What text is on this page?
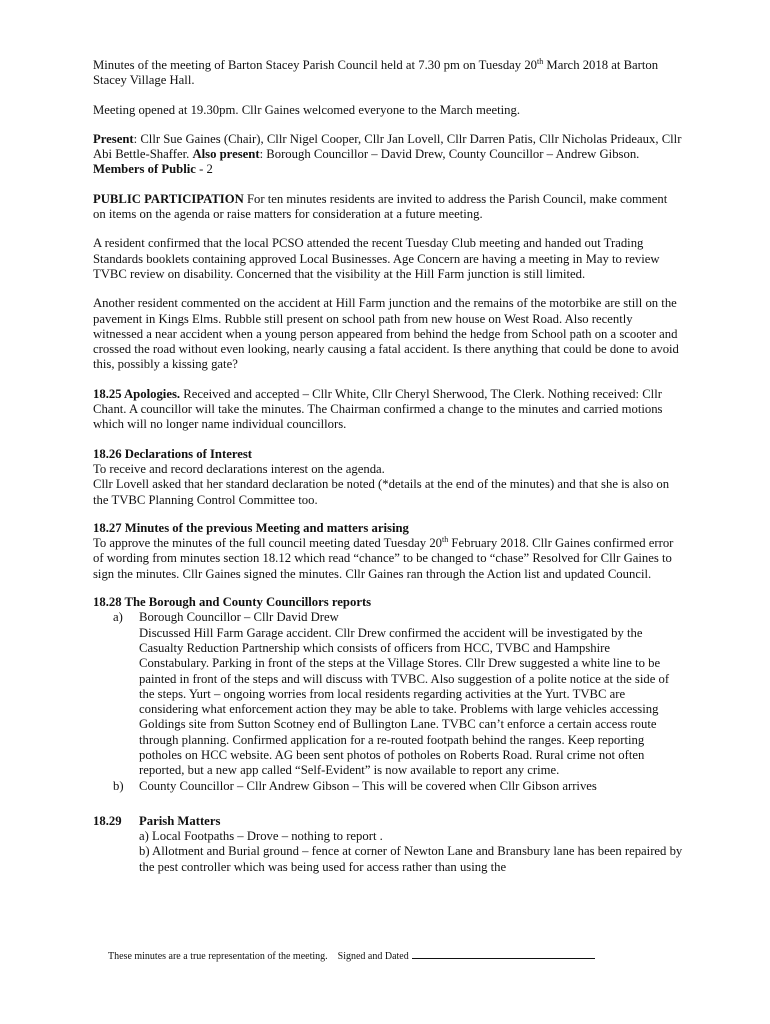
Minutes of the meeting of Barton Stacey Parish Council held at 7.30 pm on Tuesday 20th March 2018 at Barton Stacey Village Hall.

Meeting opened at 19.30pm. Cllr Gaines welcomed everyone to the March meeting.

Present: Cllr Sue Gaines (Chair), Cllr Nigel Cooper, Cllr Jan Lovell, Cllr Darren Patis, Cllr Nicholas Prideaux, Cllr Abi Bettle-Shaffer. Also present: Borough Councillor – David Drew, County Councillor – Andrew Gibson. Members of Public - 2

PUBLIC PARTICIPATION For ten minutes residents are invited to address the Parish Council, make comment on items on the agenda or raise matters for consideration at a future meeting.

A resident confirmed that the local PCSO attended the recent Tuesday Club meeting and handed out Trading Standards booklets containing approved Local Businesses. Age Concern are having a meeting in May to review TVBC review on disability. Concerned that the visibility at the Hill Farm junction is still limited.

Another resident commented on the accident at Hill Farm junction and the remains of the motorbike are still on the pavement in Kings Elms. Rubble still present on school path from new house on West Road. Also recently witnessed a near accident when a young person appeared from behind the hedge from School path on a scooter and crossed the road without even looking, nearly causing a fatal accident. Is there anything that could be done to avoid this, possibly a kissing gate?

18.25 Apologies. Received and accepted – Cllr White, Cllr Cheryl Sherwood, The Clerk. Nothing received: Cllr Chant. A councillor will take the minutes. The Chairman confirmed a change to the minutes and carried motions which will no longer name individual councillors.

18.26 Declarations of Interest
To receive and record declarations interest on the agenda.
Cllr Lovell asked that her standard declaration be noted (*details at the end of the minutes) and that she is also on the TVBC Planning Control Committee too.
18.27 Minutes of the previous Meeting and matters arising
To approve the minutes of the full council meeting dated Tuesday 20th February 2018. Cllr Gaines confirmed error of wording from minutes section 18.12 which read “chance” to be changed to “chase” Resolved for Cllr Gaines to sign the minutes. Cllr Gaines signed the minutes. Cllr Gaines ran through the Action list and updated Council.
18.28 The Borough and County Councillors reports
a)	Borough Councillor – Cllr David Drew
Discussed Hill Farm Garage accident. Cllr Drew confirmed the accident will be investigated by the Casualty Reduction Partnership which consists of officers from HCC, TVBC and Hampshire Constabulary. Parking in front of the steps at the Village Stores. Cllr Drew suggested a white line to be painted in front of the steps and will discuss with TVBC. Also suggestion of a polite notice at the side of the steps. Yurt – ongoing worries from local residents regarding activities at the Yurt. TVBC are considering what enforcement action they may be able to take. Problems with large vehicles accessing Goldings site from Sutton Scotney end of Bullington Lane. TVBC can’t enforce a certain access route through planning. Confirmed application for a re-routed footpath behind the ranges. Keep reporting potholes on HCC website. AG been sent photos of potholes on Roberts Road. Rural crime not often reported, but a new app called “Self-Evident” is now available to report any crime.
b)	County Councillor – Cllr Andrew Gibson – This will be covered when Cllr Gibson arrives
18.29	Parish Matters
a) Local Footpaths – Drove – nothing to report .
b) Allotment and Burial ground – fence at corner of Newton Lane and Bransbury lane has been repaired by the pest controller which was being used for access rather than using the
These minutes are a true representation of the meeting. Signed and Dated
